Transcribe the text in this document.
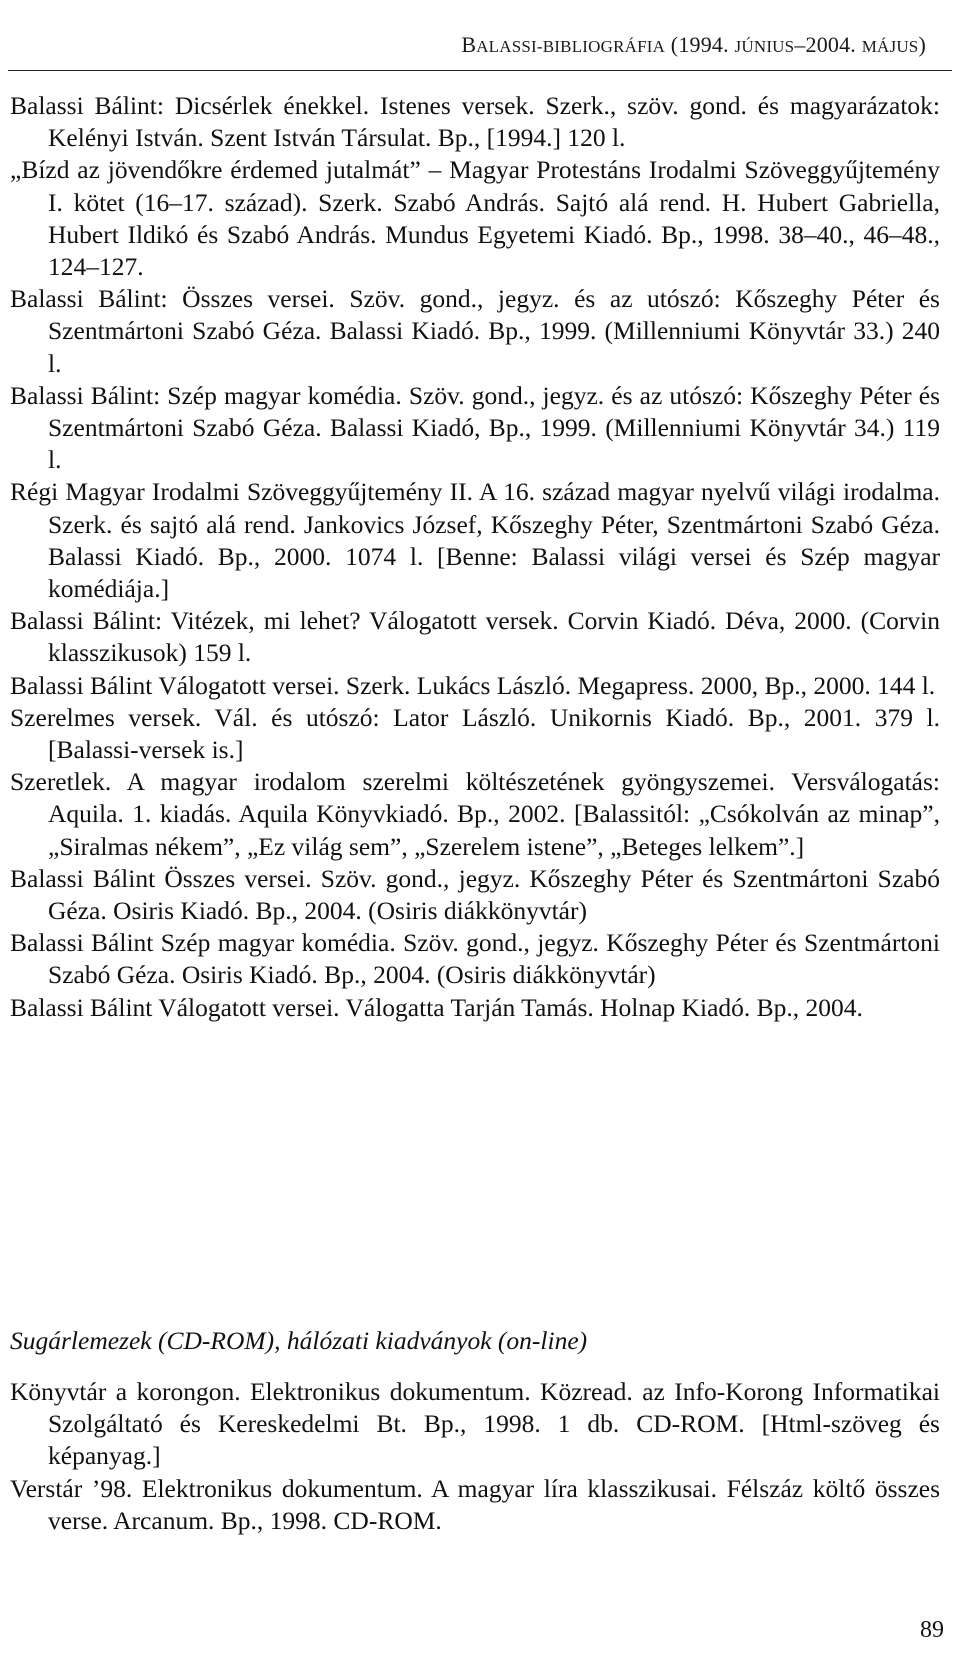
BALASSI-BIBLIOGRÁFIA (1994. JÚNIUS–2004. MÁJUS)

Balassi Bálint: Dicsérlek énekkel. Istenes versek. Szerk., szöv. gond. és magyarázatok: Kelényi István. Szent István Társulat. Bp., [1994.] 120 l.

„Bízd az jövendőkre érdemed jutalmát” – Magyar Protestáns Irodalmi Szöveggyűjtemény I. kötet (16–17. század). Szerk. Szabó András. Sajtó alá rend. H. Hubert Gabriella, Hubert Ildikó és Szabó András. Mundus Egyetemi Kiadó. Bp., 1998. 38–40., 46–48., 124–127.

Balassi Bálint: Összes versei. Szöv. gond., jegyz. és az utószó: Kőszeghy Péter és Szentmártoni Szabó Géza. Balassi Kiadó. Bp., 1999. (Millenniumi Könyvtár 33.) 240 l.

Balassi Bálint: Szép magyar komédia. Szöv. gond., jegyz. és az utószó: Kőszeghy Péter és Szentmártoni Szabó Géza. Balassi Kiadó, Bp., 1999. (Millenniumi Könyvtár 34.) 119 l.

Régi Magyar Irodalmi Szöveggyűjtemény II. A 16. század magyar nyelvű világi irodalma. Szerk. és sajtó alá rend. Jankovics József, Kőszeghy Péter, Szentmártoni Szabó Géza. Balassi Kiadó. Bp., 2000. 1074 l. [Benne: Balassi világi versei és Szép magyar komédiája.]

Balassi Bálint: Vitézek, mi lehet? Válogatott versek. Corvin Kiadó. Déva, 2000. (Corvin klasszikusok) 159 l.

Balassi Bálint Válogatott versei. Szerk. Lukács László. Megapress. 2000, Bp., 2000. 144 l.

Szerelmes versek. Vál. és utószó: Lator László. Unikornis Kiadó. Bp., 2001. 379 l. [Balassi-versek is.]

Szeretlek. A magyar irodalom szerelmi költészetének gyöngyszemei. Versválogatás: Aquila. 1. kiadás. Aquila Könyvkiadó. Bp., 2002. [Balassitól: „Csókolván az minap”, „Siralmas nékem”, „Ez világ sem”, „Szerelem istene”, „Beteges lelkem”.]

Balassi Bálint Összes versei. Szöv. gond., jegyz. Kőszeghy Péter és Szentmártoni Szabó Géza. Osiris Kiadó. Bp., 2004. (Osiris diákkönyvtár)

Balassi Bálint Szép magyar komédia. Szöv. gond., jegyz. Kőszeghy Péter és Szentmártoni Szabó Géza. Osiris Kiadó. Bp., 2004. (Osiris diákkönyvtár)

Balassi Bálint Válogatott versei. Válogatta Tarján Tamás. Holnap Kiadó. Bp., 2004.

Sugárlemezek (CD-ROM), hálózati kiadványok (on-line)

Könyvtár a korongon. Elektronikus dokumentum. Közread. az Info-Korong Informatikai Szolgáltató és Kereskedelmi Bt. Bp., 1998. 1 db. CD-ROM. [Html-szöveg és képanyag.]

Verstár ’98. Elektronikus dokumentum. A magyar líra klasszikusai. Félszáz költő összes verse. Arcanum. Bp., 1998. CD-ROM.

89
